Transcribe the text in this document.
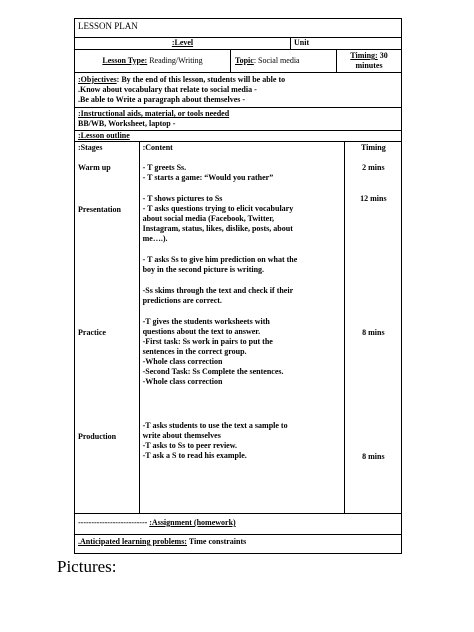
LESSON PLAN
:Level	Unit
Lesson Type: Reading/Writing	Topic: Social media
Timing: 30
minutes
:Objectives: By the end of this lesson, students will be able to
.Know about vocabulary that relate to social media -
.Be able to Write a paragraph about themselves -
:Instructional aids, material, or tools needed
BB/WB, Worksheet, laptop -
:Lesson outline
:Stages
Warm up
Presentation
Practice
Production
:Content
- T greets Ss.
- T starts a game: “Would you rather”
- T shows pictures to Ss
- T asks questions trying to elicit vocabulary
about social media (Facebook, Twitter,
Instagram, status, likes, dislike, posts, about
me….).
- T asks Ss to give him prediction on what the
boy in the second picture is writing.
-Ss skims through the text and check if their
predictions are correct.
-T gives the students worksheets with
questions about the text to answer.
-First task: Ss work in pairs to put the
sentences in the correct group.
-Whole class correction
-Second Task: Ss Complete the sentences.
-Whole class correction
-T asks students to use the text a sample to
write about themselves
-T asks to Ss to peer review.
-T ask a S to read his example.
Timing
2 mins
12 mins
8 mins
8 mins
-------------------------- :Assignment (homework)
.Anticipated learning problems: Time constraints
Pictures:
